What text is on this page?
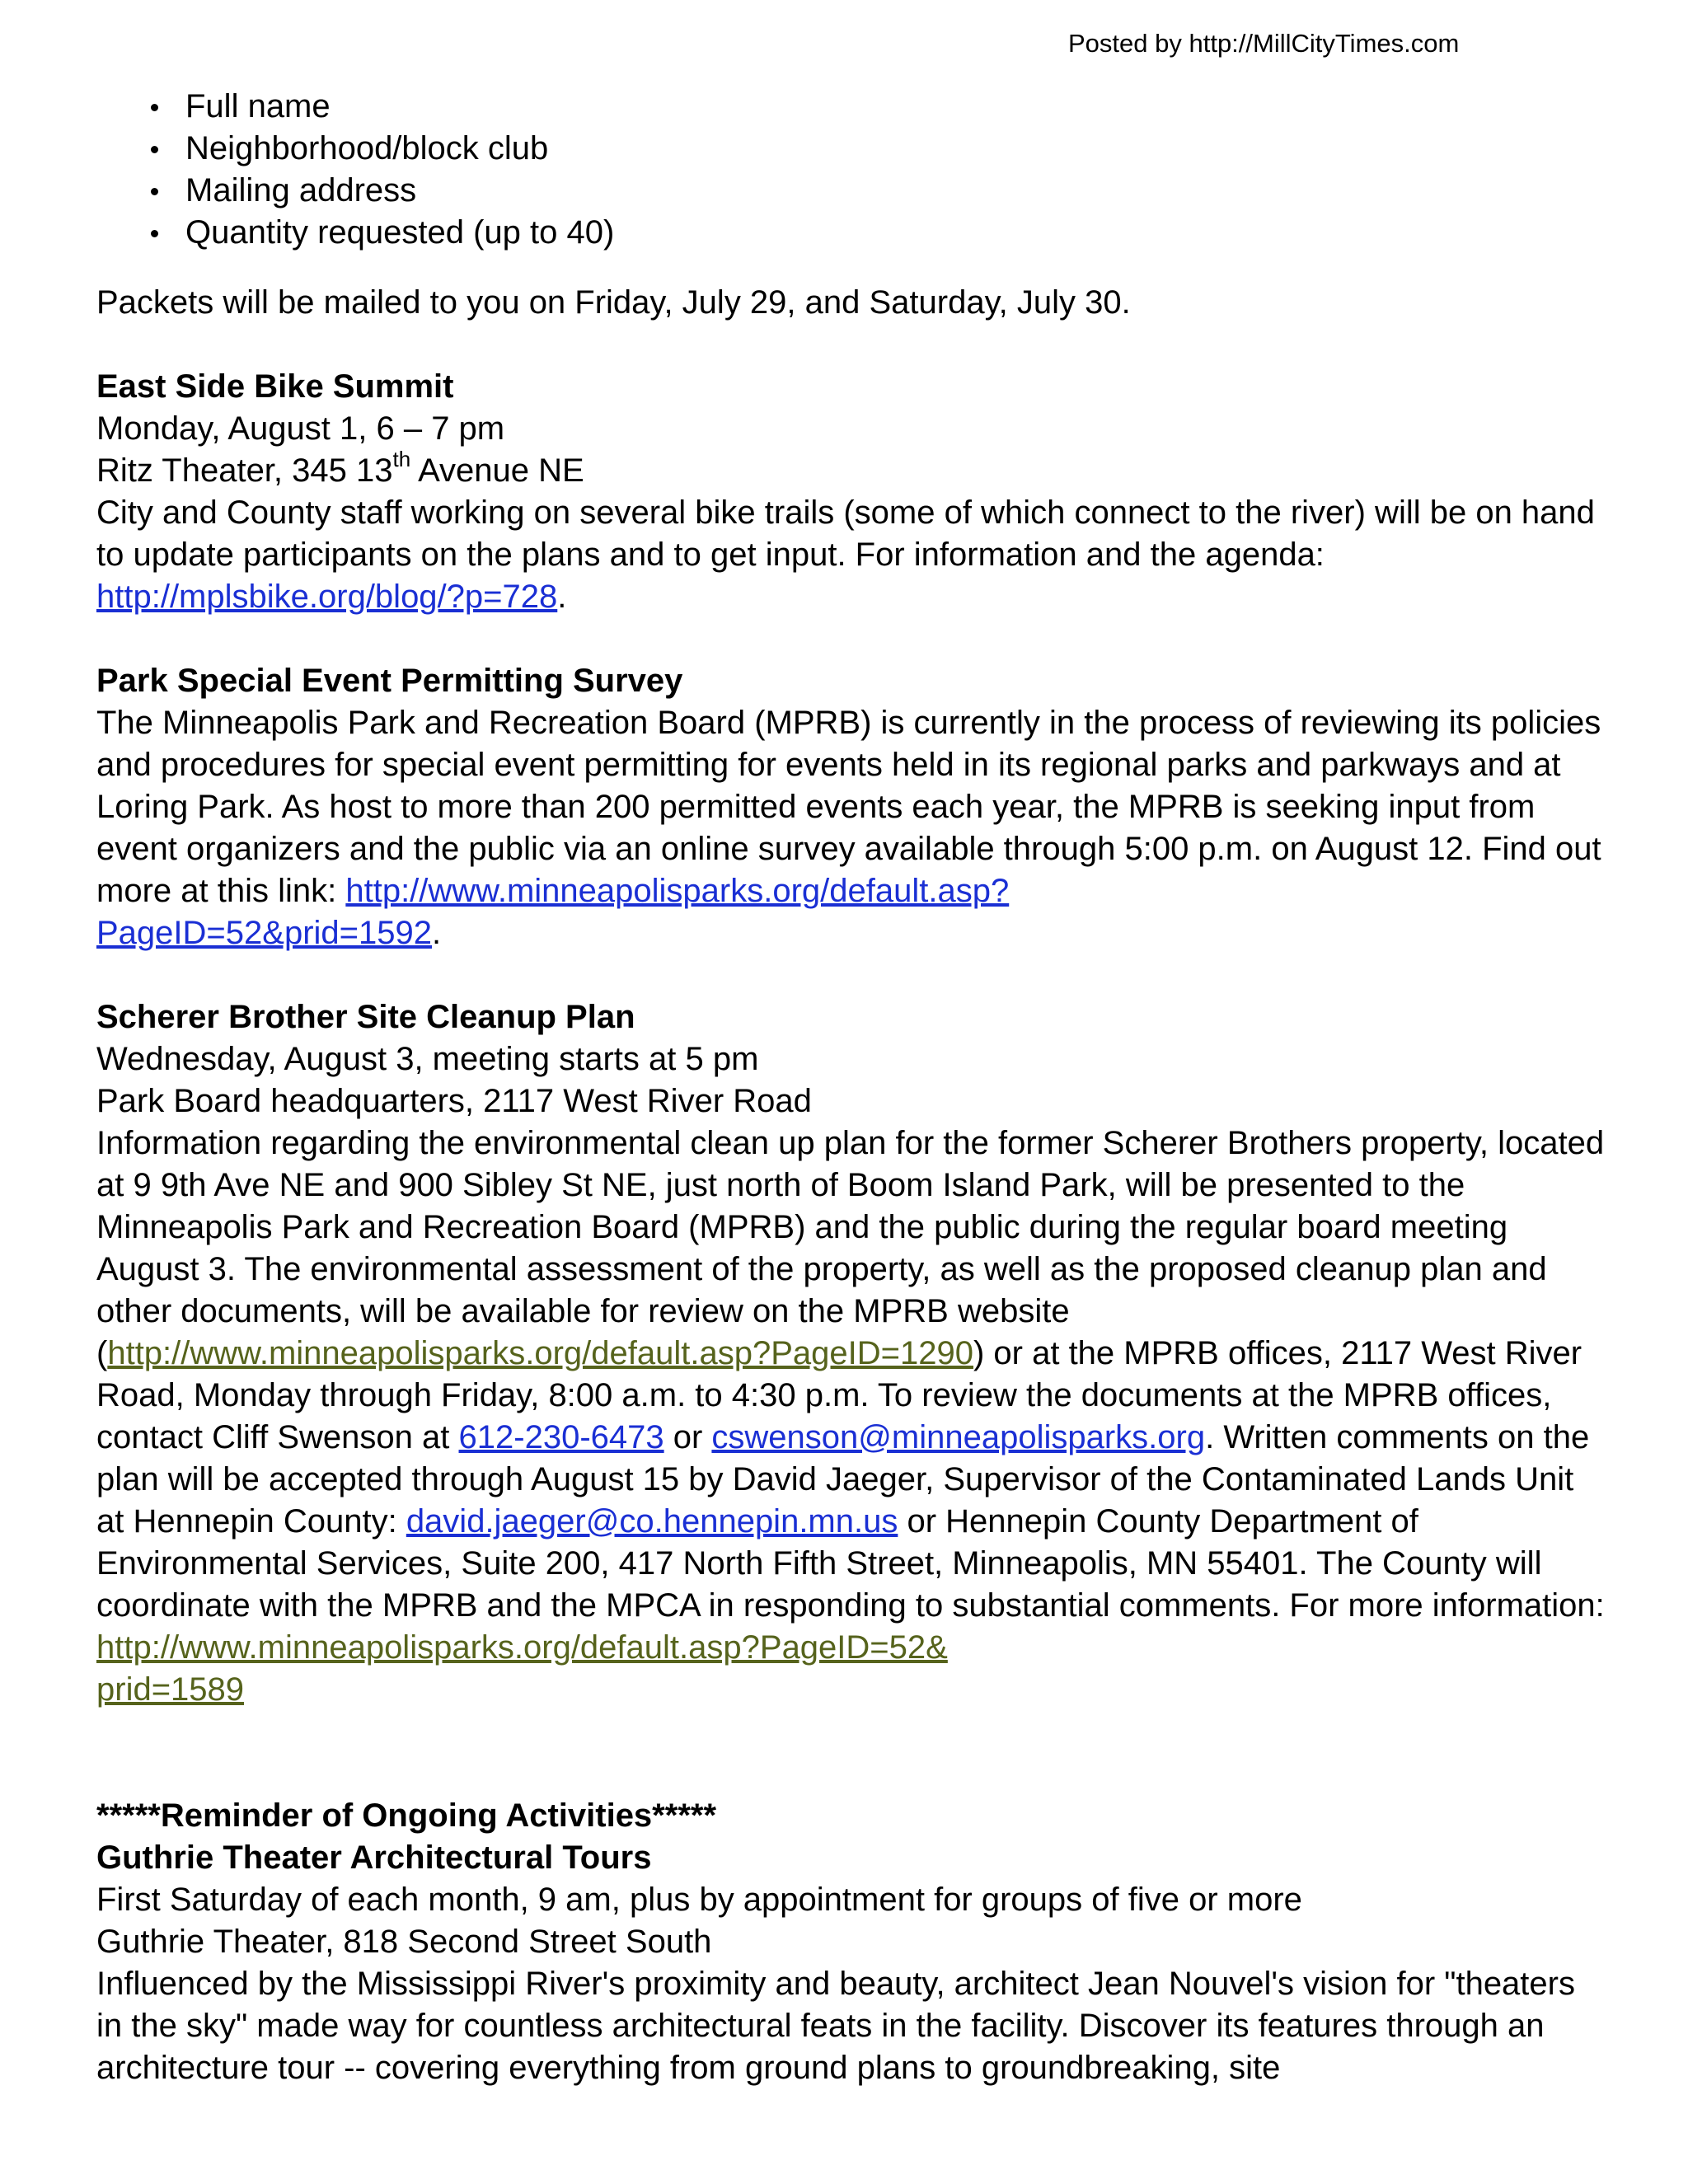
Posted by http://MillCityTimes.com
Full name
Neighborhood/block club
Mailing address
Quantity requested (up to 40)

Packets will be mailed to you on Friday, July 29, and Saturday, July 30.

East Side Bike Summit

Monday, August 1, 6 – 7 pm

Ritz Theater, 345 13th Avenue NE

City and County staff working on several bike trails (some of which connect to the river) will be on hand to update participants on the plans and to get input. For information and the agenda:
http://mplsbike.org/blog/?p=728.

Park Special Event Permitting Survey

The Minneapolis Park and Recreation Board (MPRB) is currently in the process of reviewing its policies and procedures for special event permitting for events held in its regional parks and parkways and at Loring Park. As host to more than 200 permitted events each year, the MPRB is seeking input from event organizers and the public via an online survey available through 5:00 p.m. on August 12. Find out more at this link: http://www.minneapolisparks.org/default.asp?
PageID=52&prid=1592.

Scherer Brother Site Cleanup Plan

Wednesday, August 3, meeting starts at 5 pm

Park Board headquarters, 2117 West River Road

Information regarding the environmental clean up plan for the former Scherer Brothers property, located at 9 9th Ave NE and 900 Sibley St NE, just north of Boom Island Park, will be presented to the Minneapolis Park and Recreation Board (MPRB) and the public during the regular board meeting August 3. The environmental assessment of the property, as well as the proposed cleanup plan and other documents, will be available for review on the MPRB website
(http://www.minneapolisparks.org/default.asp?PageID=1290) or at the MPRB offices, 2117 West River Road, Monday through Friday, 8:00 a.m. to 4:30 p.m. To review the documents at the MPRB offices, contact Cliff Swenson at 612-230-6473 or cswenson@minneapolisparks.org. Written comments on the plan will be accepted through August 15 by David Jaeger, Supervisor of the Contaminated Lands Unit at Hennepin County: david.jaeger@co.hennepin.mn.us or Hennepin County Department of Environmental Services, Suite 200, 417 North Fifth Street, Minneapolis, MN 55401. The County will coordinate with the MPRB and the MPCA in responding to substantial comments. For more information: http://www.minneapolisparks.org/default.asp?PageID=52&
prid=1589

*****Reminder of Ongoing Activities*****

Guthrie Theater Architectural Tours

First Saturday of each month, 9 am, plus by appointment for groups of five or more

Guthrie Theater, 818 Second Street South

Influenced by the Mississippi River's proximity and beauty, architect Jean Nouvel's vision for "theaters in the sky" made way for countless architectural feats in the facility. Discover its features through an architecture tour -- covering everything from ground plans to groundbreaking, site
